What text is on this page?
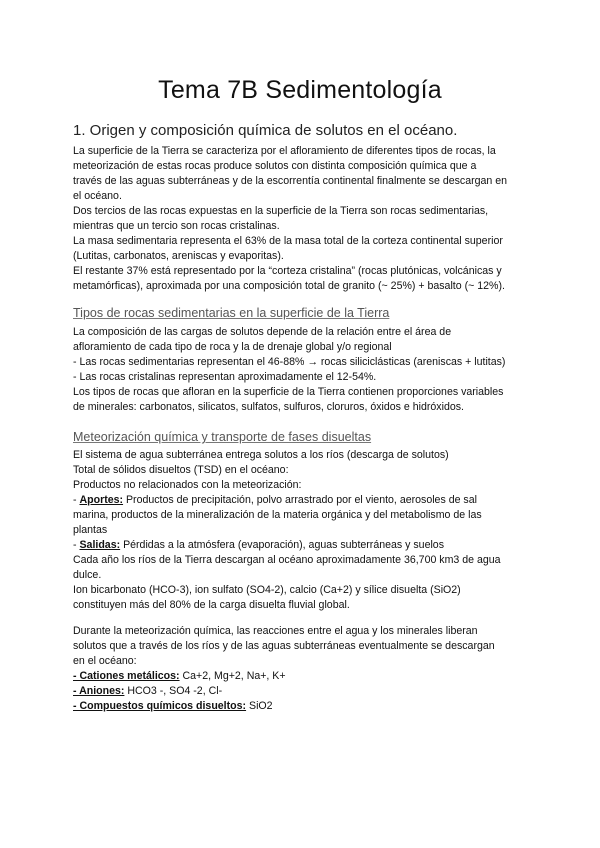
Tema 7B Sedimentología
1. Origen y composición química de solutos en el océano.
La superficie de la Tierra se caracteriza por el afloramiento de diferentes tipos de rocas, la
meteorización de estas rocas produce solutos con distinta composición química que a
través de las aguas subterráneas y de la escorrentía continental finalmente se descargan en
el océano.
Dos tercios de las rocas expuestas en la superficie de la Tierra son rocas sedimentarias,
mientras que un tercio son rocas cristalinas.
La masa sedimentaria representa el 63% de la masa total de la corteza continental superior
(Lutitas, carbonatos, areniscas y evaporitas).
El restante 37% está representado por la “corteza cristalina” (rocas plutónicas, volcánicas y
metamórficas), aproximada por una composición total de granito (~ 25%) + basalto (~ 12%).
Tipos de rocas sedimentarias en la superficie de la Tierra
La composición de las cargas de solutos depende de la relación entre el área de
afloramiento de cada tipo de roca y la de drenaje global y/o regional
- Las rocas sedimentarias representan el 46-88% → rocas siliciclásticas (areniscas + lutitas)
- Las rocas cristalinas representan aproximadamente el 12-54%.
Los tipos de rocas que afloran en la superficie de la Tierra contienen proporciones variables
de minerales: carbonatos, silicatos, sulfatos, sulfuros, cloruros, óxidos e hidróxidos.
Meteorización química y transporte de fases disueltas
El sistema de agua subterránea entrega solutos a los ríos (descarga de solutos)
Total de sólidos disueltos (TSD) en el océano:
Productos no relacionados con la meteorización:
- Aportes: Productos de precipitación, polvo arrastrado por el viento, aerosoles de sal
marina, productos de la mineralización de la materia orgánica y del metabolismo de las
plantas
- Salidas: Pérdidas a la atmósfera (evaporación), aguas subterráneas y suelos
Cada año los ríos de la Tierra descargan al océano aproximadamente 36,700 km3 de agua
dulce.
Ion bicarbonato (HCO-3), ion sulfato (SO4-2), calcio (Ca+2) y sílice disuelta (SiO2)
constituyen más del 80% de la carga disuelta fluvial global.
Durante la meteorización química, las reacciones entre el agua y los minerales liberan
solutos que a través de los ríos y de las aguas subterráneas eventualmente se descargan
en el océano:
- Cationes metálicos: Ca+2, Mg+2, Na+, K+
- Aniones: HCO3 -, SO4 -2, Cl-
- Compuestos químicos disueltos: SiO2
